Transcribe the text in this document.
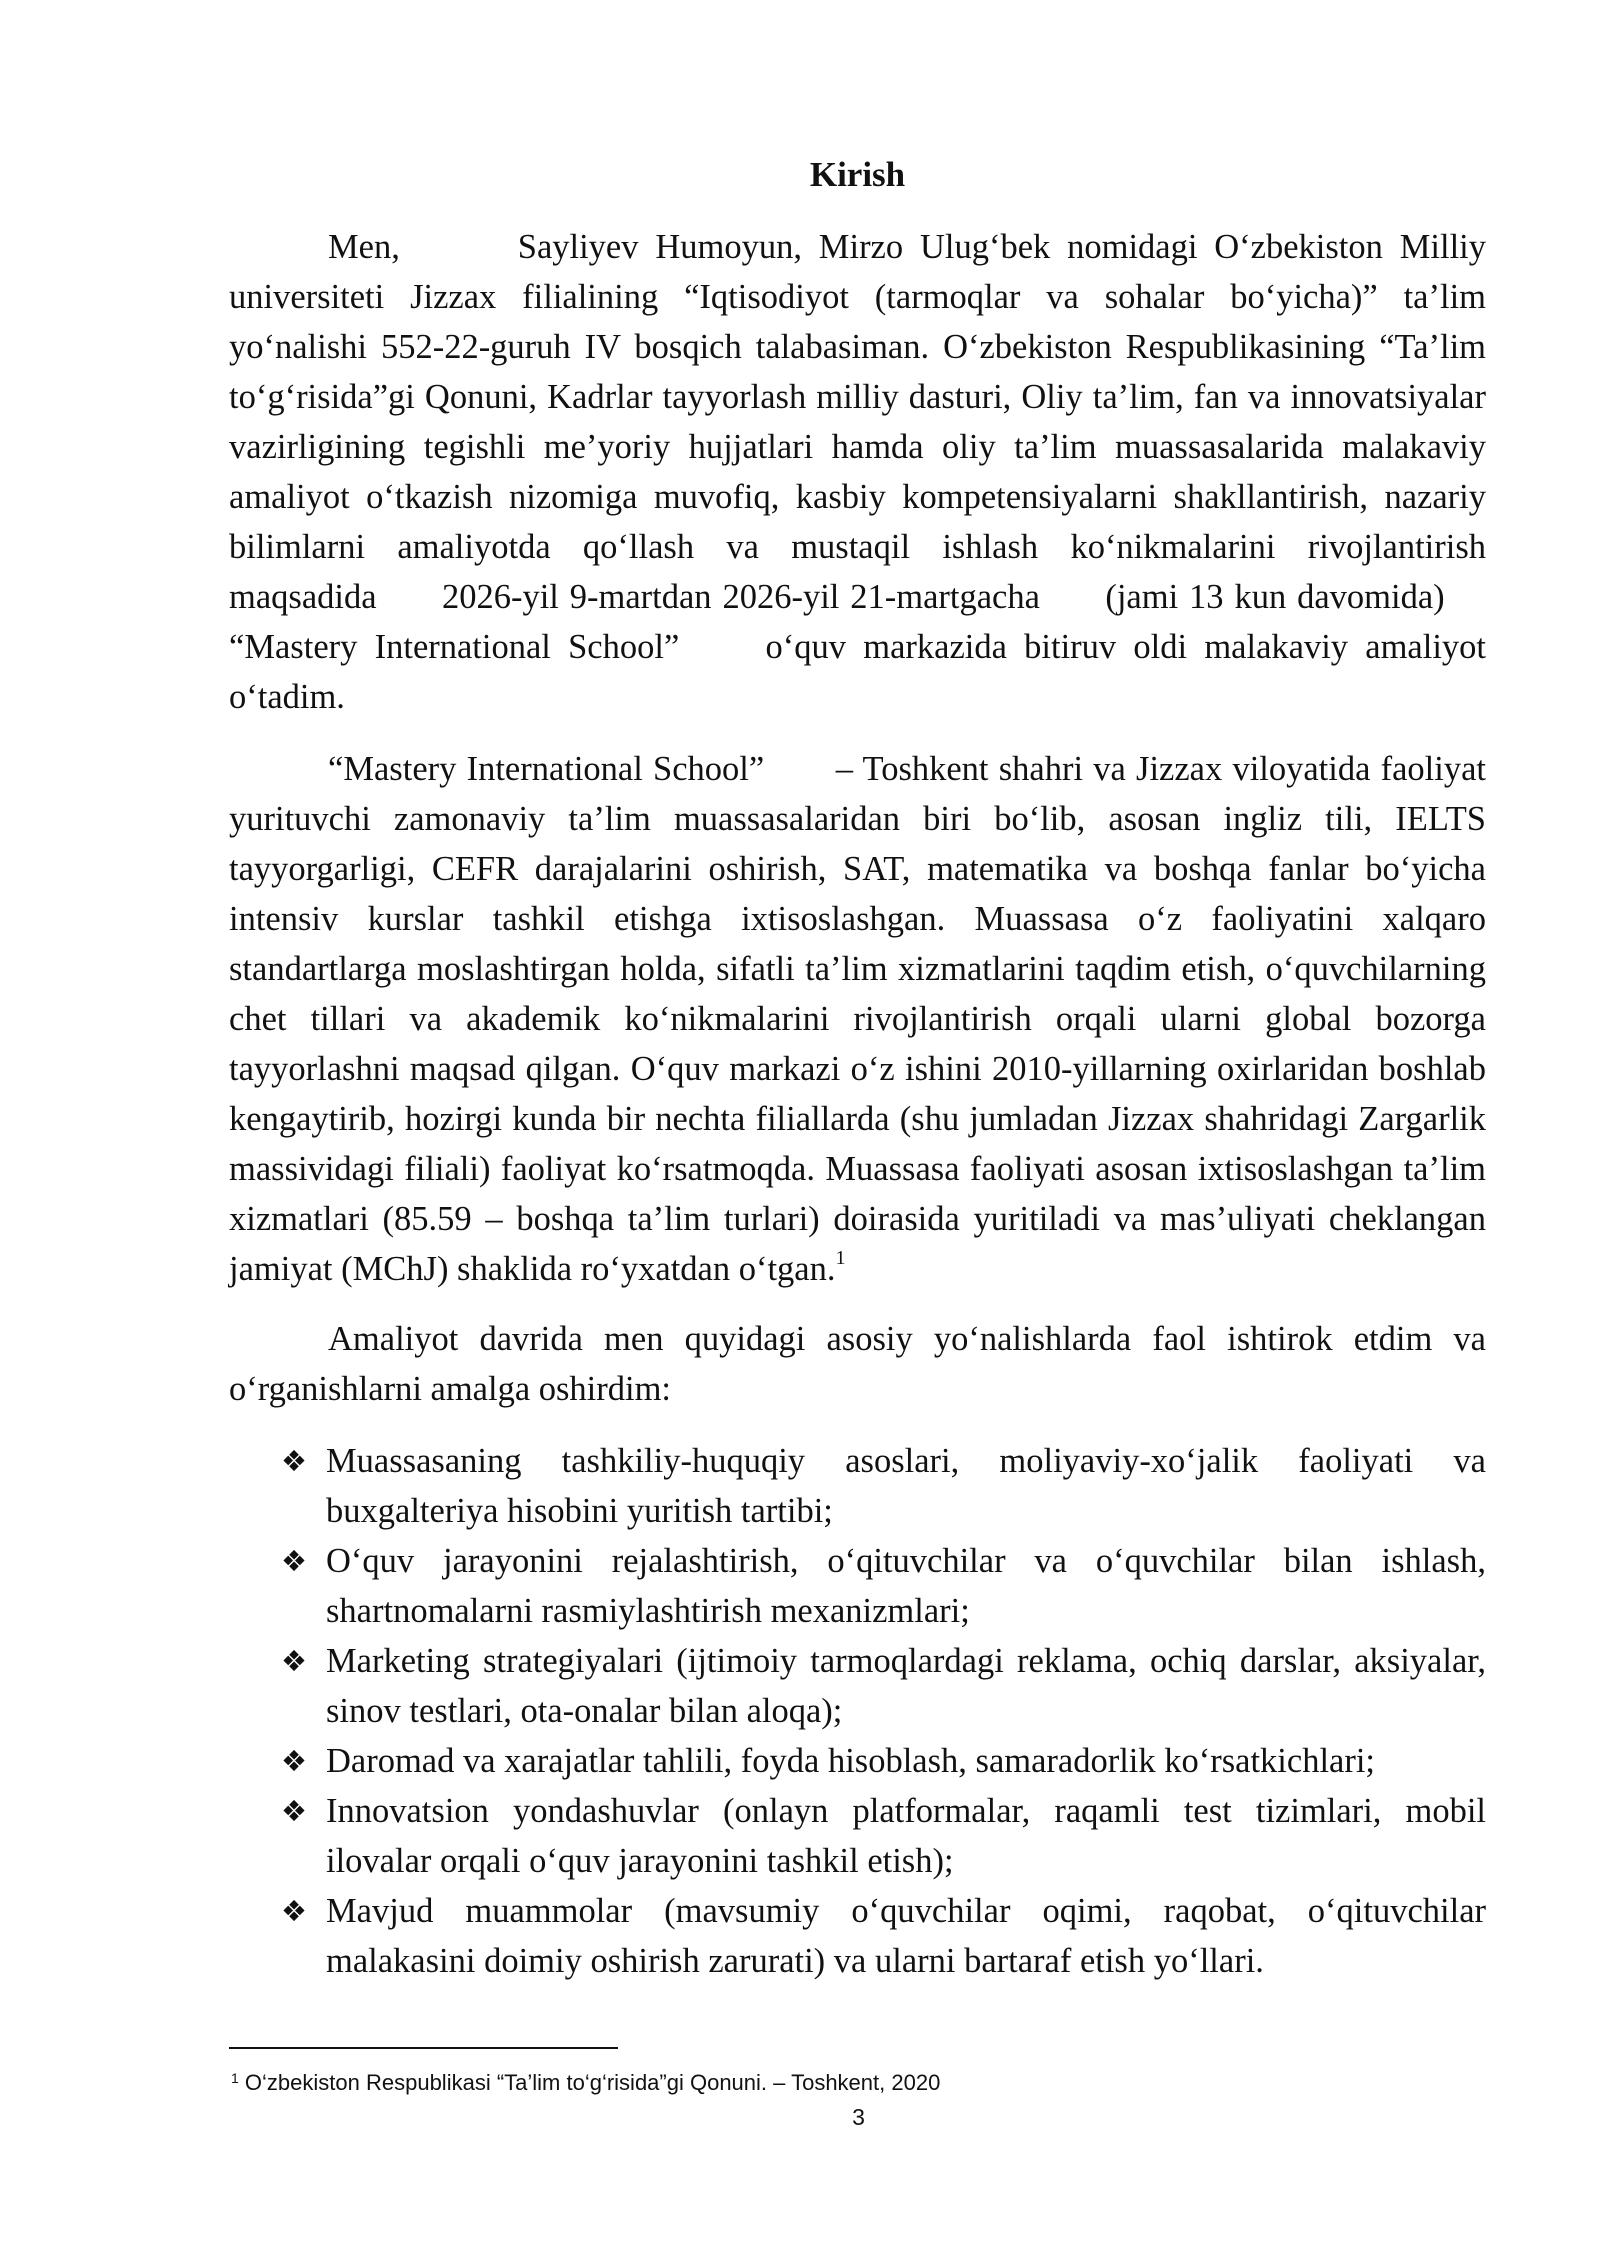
Kirish

Men,       Sayliyev Humoyun, Mirzo Ulug‘bek nomidagi O‘zbekiston Milliy universiteti Jizzax filialining “Iqtisodiyot (tarmoqlar va sohalar bo‘yicha)” ta’lim yo‘nalishi 552-22-guruh IV bosqich talabasiman. O‘zbekiston Respublikasining “Ta’lim to‘g‘risida”gi Qonuni, Kadrlar tayyorlash milliy dasturi, Oliy ta’lim, fan va innovatsiyalar vazirligining tegishli me’yoriy hujjatlari hamda oliy ta’lim muassasalarida malakaviy amaliyot o‘tkazish nizomiga muvofiq, kasbiy kompetensiyalarni shakllantirish, nazariy bilimlarni amaliyotda qo‘llash va mustaqil ishlash ko‘nikmalarini rivojlantirish maqsadida      2026-yil 9-martdan 2026-yil 21-martgacha      (jami 13 kun davomida)     “Mastery International School”     o‘quv markazida bitiruv oldi malakaviy amaliyot o‘tadim.

“Mastery International School”       – Toshkent shahri va Jizzax viloyatida faoliyat yurituvchi zamonaviy ta’lim muassasalaridan biri bo‘lib, asosan ingliz tili, IELTS tayyorgarligi, CEFR darajalarini oshirish, SAT, matematika va boshqa fanlar bo‘yicha intensiv kurslar tashkil etishga ixtisoslashgan. Muassasa o‘z faoliyatini xalqaro standartlarga moslashtirgan holda, sifatli ta’lim xizmatlarini taqdim etish, o‘quvchilarning chet tillari va akademik ko‘nikmalarini rivojlantirish orqali ularni global bozorga tayyorlashni maqsad qilgan. O‘quv markazi o‘z ishini 2010-yillarning oxirlaridan boshlab kengaytirib, hozirgi kunda bir nechta filiallarda (shu jumladan Jizzax shahridagi Zargarlik massividagi filiali) faoliyat ko‘rsatmoqda. Muassasa faoliyati asosan ixtisoslashgan ta’lim xizmatlari (85.59 – boshqa ta’lim turlari) doirasida yuritiladi va mas’uliyati cheklangan jamiyat (MChJ) shaklida ro‘yxatdan o‘tgan.$^1$

Amaliyot davrida men quyidagi asosiy yo‘nalishlarda faol ishtirok etdim va o‘rganishlarni amalga oshirdim:

❖ Muassasaning tashkiliy-huquqiy asoslari, moliyaviy-xo‘jalik faoliyati va buxgalteriya hisobini yuritish tartibi;
❖ O‘quv jarayonini rejalashtirish, o‘qituvchilar va o‘quvchilar bilan ishlash, shartnomalarni rasmiylashtirish mexanizmlari;
❖ Marketing strategiyalari (ijtimoiy tarmoqlardagi reklama, ochiq darslar, aksiyalar, sinov testlari, ota-onalar bilan aloqa);
❖ Daromad va xarajatlar tahlili, foyda hisoblash, samaradorlik ko‘rsatkichlari;
❖ Innovatsion yondashuvlar (onlayn platformalar, raqamli test tizimlari, mobil ilovalar orqali o‘quv jarayonini tashkil etish);
❖ Mavjud muammolar (mavsumiy o‘quvchilar oqimi, raqobat, o‘qituvchilar malakasini doimiy oshirish zarurati) va ularni bartaraf etish yo‘llari.
$^1$ O‘zbekiston Respublikasi “Ta’lim to‘g‘risida”gi Qonuni. – Toshkent, 2020
3
